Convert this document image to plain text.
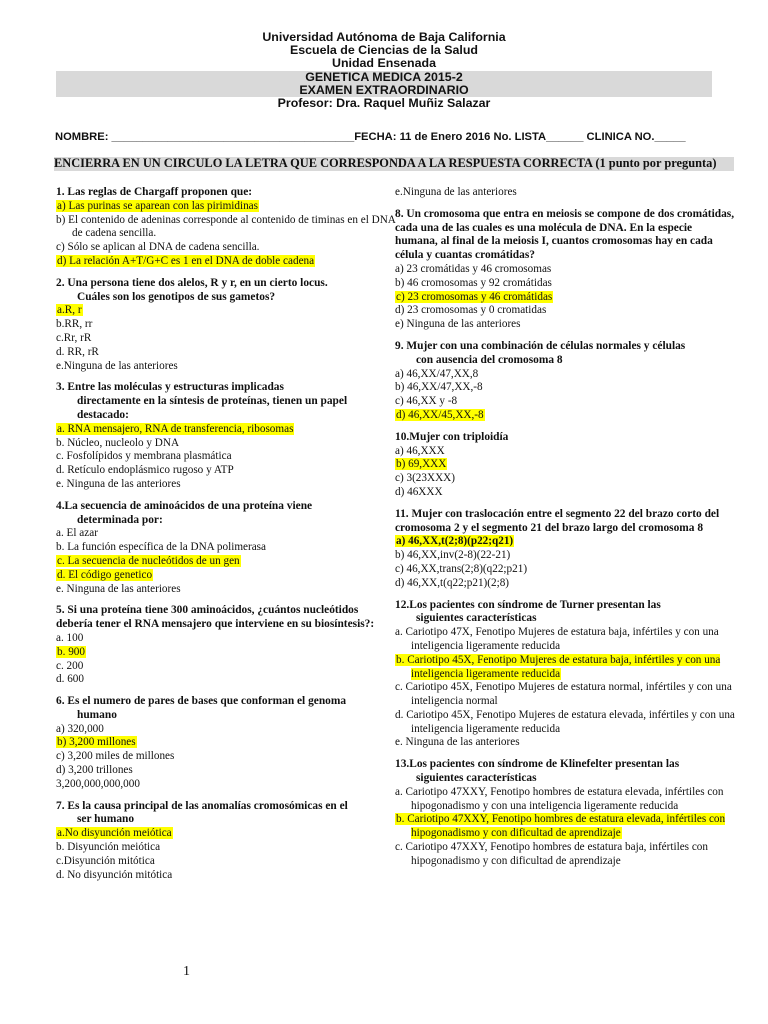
Universidad Autónoma de Baja California
Escuela de Ciencias de la Salud
Unidad Ensenada
GENETICA MEDICA 2015-2
EXAMEN EXTRAORDINARIO
Profesor: Dra. Raquel Muñiz Salazar
NOMBRE: _______________________________________FECHA: 11 de Enero 2016 No. LISTA______ CLINICA NO._____
ENCIERRA EN UN CIRCULO LA LETRA QUE CORRESPONDA A LA RESPUESTA CORRECTA (1 punto por pregunta)
1. Las reglas de Chargaff proponen que:
a) Las purinas se aparean con las pirimidinas
b) El contenido de adeninas corresponde al contenido de timinas en el DNA de cadena sencilla.
c) Sólo se aplican al DNA de cadena sencilla.
d) La relación A+T/G+C es 1 en el DNA de doble cadena
2. Una persona tiene dos alelos, R y r, en un cierto locus.
Cuáles son los genotipos de sus gametos?
a.R, r
b.RR, rr
c.Rr, rR
d. RR, rR
e.Ninguna de las anteriores
3. Entre las moléculas y estructuras implicadas
directamente en la síntesis de proteínas, tienen un papel destacado:
a. RNA mensajero, RNA de transferencia, ribosomas
b. Núcleo, nucleolo y DNA
c. Fosfolípidos y membrana plasmática
d. Retículo endoplásmico rugoso y ATP
e. Ninguna de las anteriores
4.La secuencia de aminoácidos de una proteína viene
determinada por:
a. El azar
b. La función específica de la DNA polimerasa
c. La secuencia de nucleótidos de un gen
d. El código genetico
e. Ninguna de las anteriores
5. Si una proteína tiene 300 aminoácidos, ¿cuántos nucleótidos debería tener el RNA mensajero que interviene en su biosíntesis?:
a. 100
b. 900
c. 200
d. 600
6. Es el numero de pares de bases que conforman el genoma
humano
a) 320,000
b) 3,200 millones
c) 3,200 miles de millones
d) 3,200 trillones
3,200,000,000,000
7. Es la causa principal de las anomalías cromosómicas en el
ser humano
a.No disyunción meiótica
b. Disyunción meiótica
c.Disyunción mitótica
d. No disyunción mitótica
e.Ninguna de las anteriores
8. Un cromosoma que entra en meiosis se compone de dos cromátidas, cada una de las cuales es una molécula de DNA. En la especie humana, al final de la meiosis I, cuantos cromosomas hay en cada célula y cuantas cromátidas?
a) 23 cromátidas y 46 cromosomas
b) 46 cromosomas y 92 cromátidas
c) 23 cromosomas y 46 cromátidas
d) 23 cromosomas y 0 cromatidas
e) Ninguna de las anteriores
9. Mujer con una combinación de células normales y células
con ausencia del cromosoma 8
a) 46,XX/47,XX,8
b) 46,XX/47,XX,-8
c) 46,XX y -8
d) 46,XX/45,XX,-8
10.Mujer con triploidía
a) 46,XXX
b) 69,XXX
c) 3(23XXX)
d) 46XXX
11. Mujer con traslocación entre el segmento 22 del brazo corto del cromosoma 2 y el segmento 21 del brazo largo del cromosoma 8
a) 46,XX,t(2;8)(p22;q21)
b) 46,XX,inv(2-8)(22-21)
c) 46,XX,trans(2;8)(q22;p21)
d) 46,XX,t(q22;p21)(2;8)
12.Los pacientes con síndrome de Turner presentan las
siguientes características
a. Cariotipo 47X, Fenotipo Mujeres de estatura baja, infértiles y con una inteligencia ligeramente reducida
b. Cariotipo 45X, Fenotipo Mujeres de estatura baja, infértiles y con una inteligencia ligeramente reducida
c. Cariotipo 45X, Fenotipo Mujeres de estatura normal, infértiles y con una inteligencia normal
d. Cariotipo 45X, Fenotipo Mujeres de estatura elevada, infértiles y con una inteligencia ligeramente reducida
e. Ninguna de las anteriores
13.Los pacientes con síndrome de Klinefelter presentan las
siguientes características
a. Cariotipo 47XXY, Fenotipo hombres de estatura elevada, infértiles con hipogonadismo y con una inteligencia ligeramente reducida
b. Cariotipo 47XXY, Fenotipo hombres de estatura elevada, infértiles con hipogonadismo y con dificultad de aprendizaje
c. Cariotipo 47XXY, Fenotipo hombres de estatura baja, infértiles con hipogonadismo y con dificultad de aprendizaje
1
